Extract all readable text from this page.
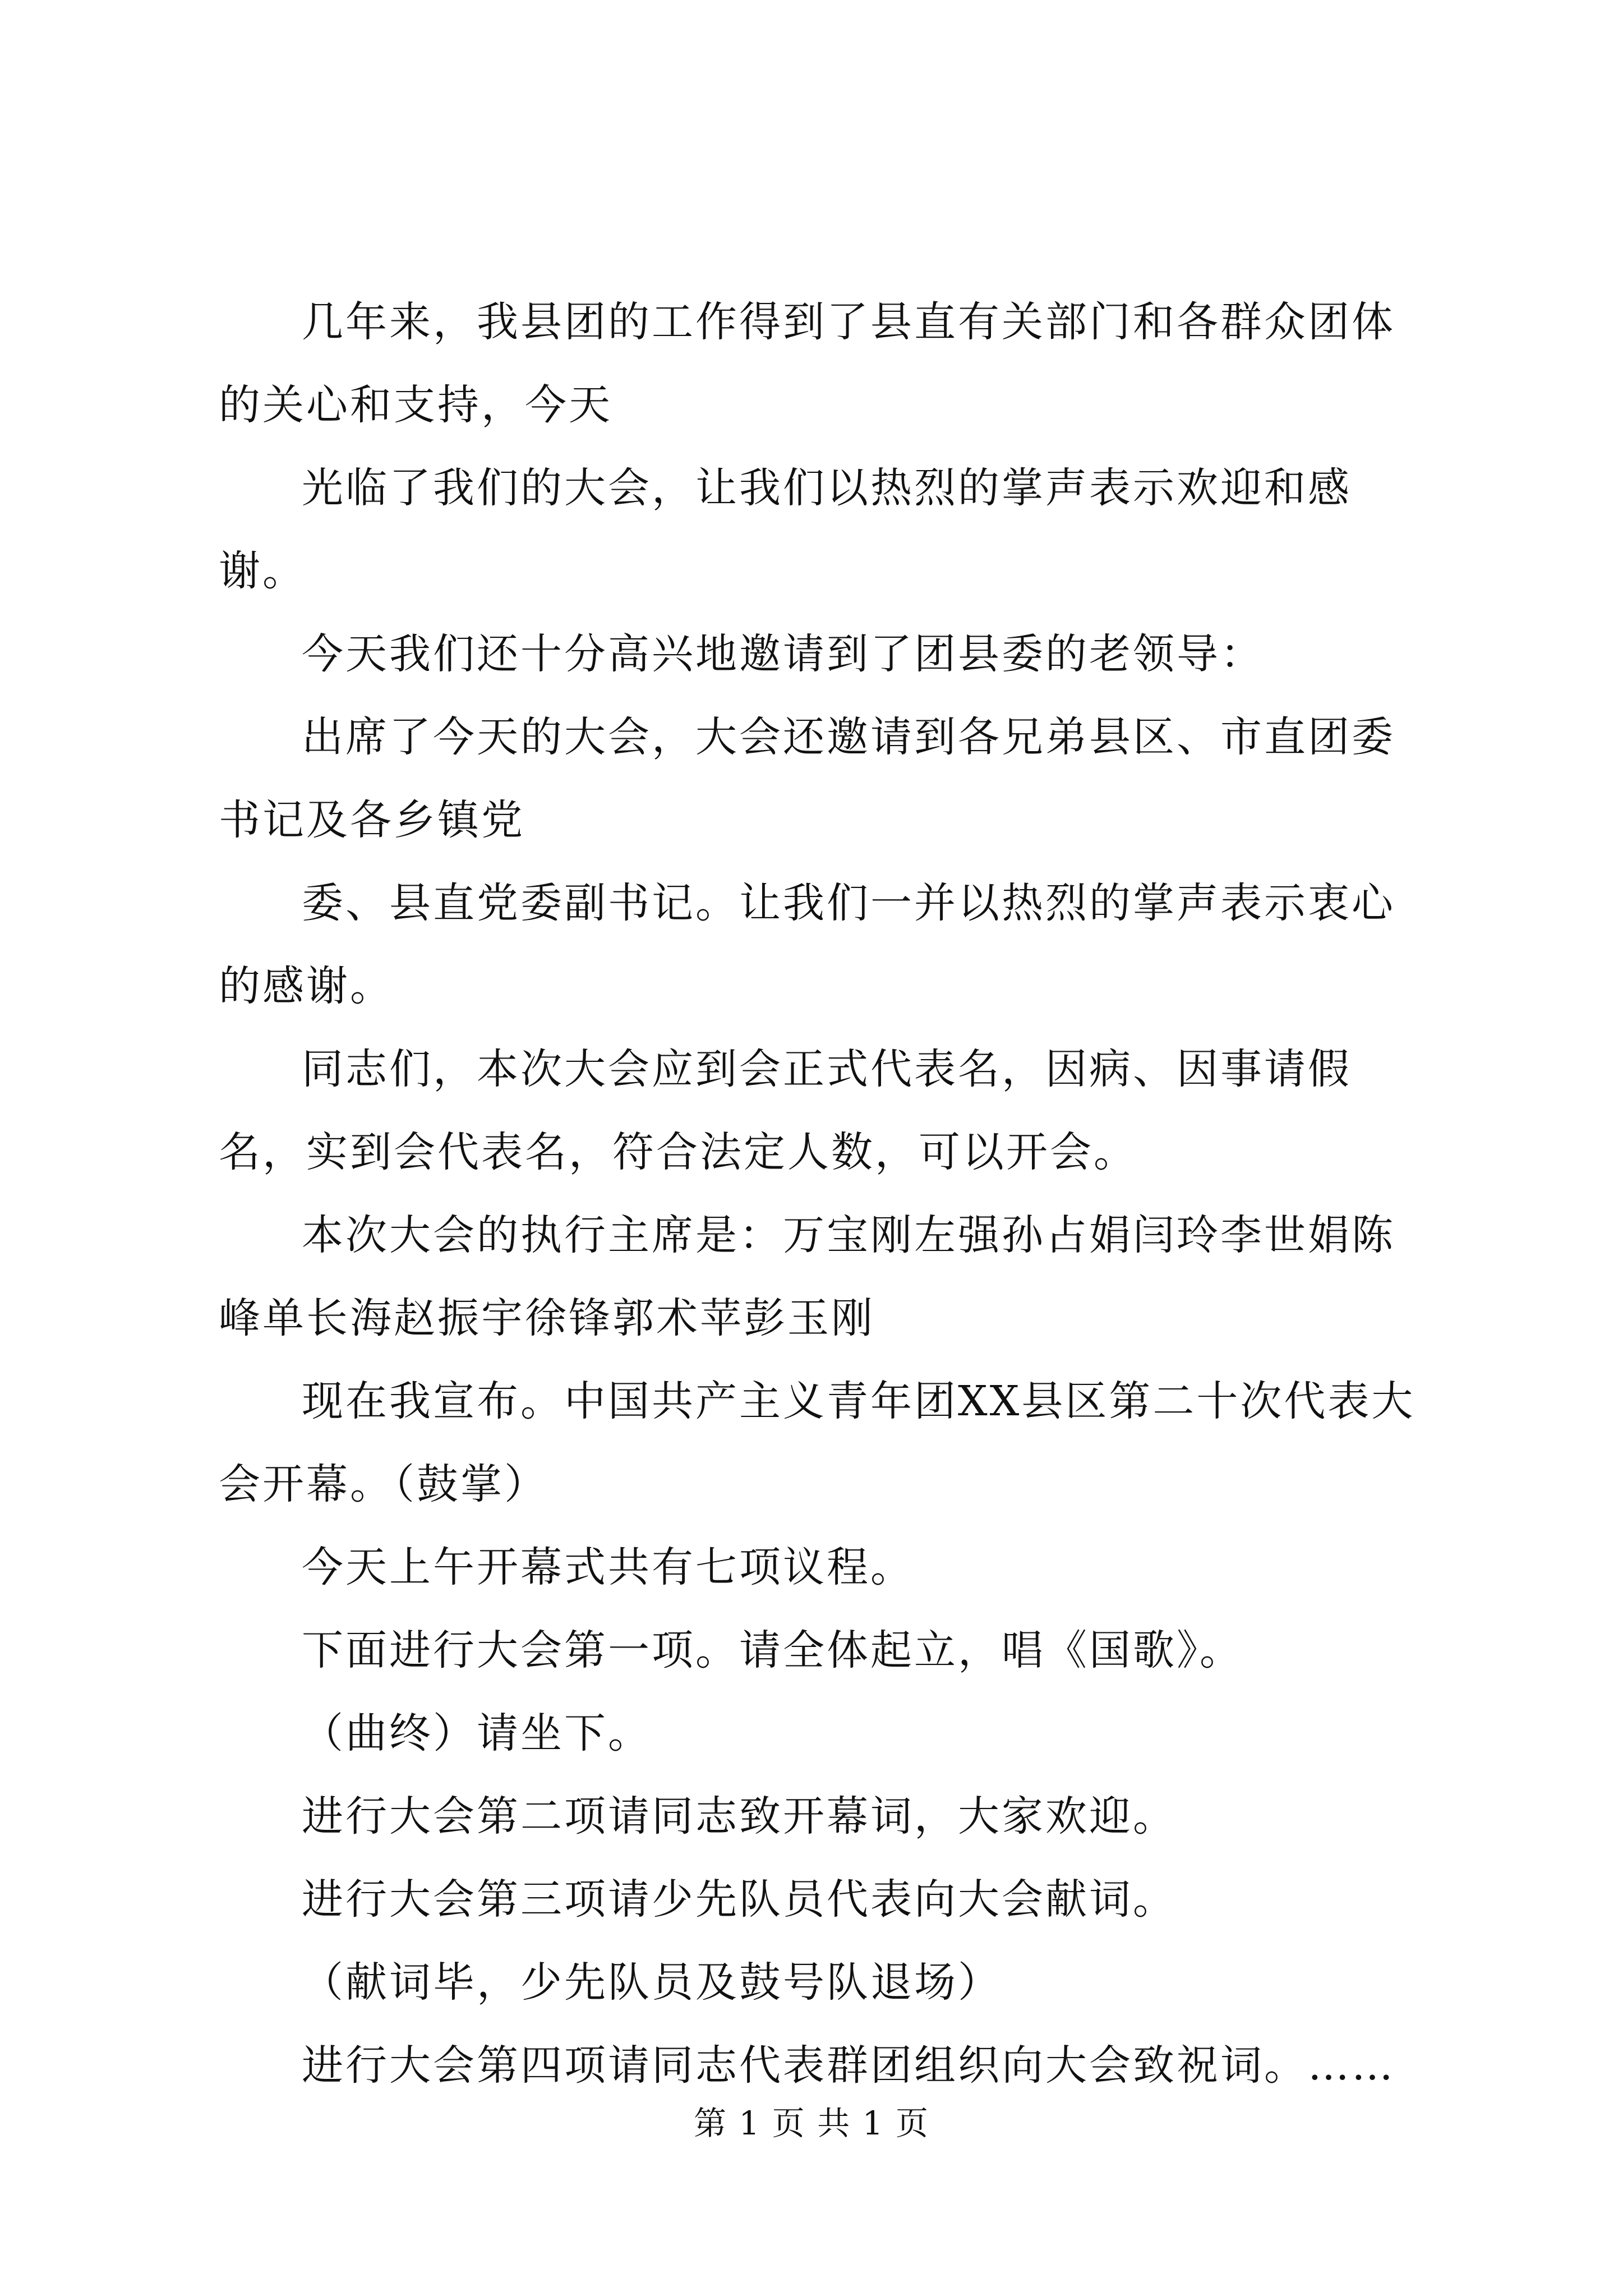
几年来，我县团的工作得到了县直有关部门和各群众团体的关心和支持，今天

光临了我们的大会，让我们以热烈的掌声表示欢迎和感谢。

今天我们还十分高兴地邀请到了团县委的老领导：

出席了今天的大会，大会还邀请到各兄弟县区、市直团委书记及各乡镇党

委、县直党委副书记。让我们一并以热烈的掌声表示衷心的感谢。

同志们，本次大会应到会正式代表名，因病、因事请假名，实到会代表名，符合法定人数，可以开会。

本次大会的执行主席是：万宝刚左强孙占娟闫玲李世娟陈峰单长海赵振宇徐锋郭术苹彭玉刚

现在我宣布。中国共产主义青年团XX县区第二十次代表大会开幕。（鼓掌）

今天上午开幕式共有七项议程。

下面进行大会第一项。请全体起立，唱《国歌》。

（曲终）请坐下。

进行大会第二项请同志致开幕词，大家欢迎。

进行大会第三项请少先队员代表向大会献词。

（献词毕，少先队员及鼓号队退场）

进行大会第四项请同志代表群团组织向大会致祝词。……

第 1 页 共 1 页
